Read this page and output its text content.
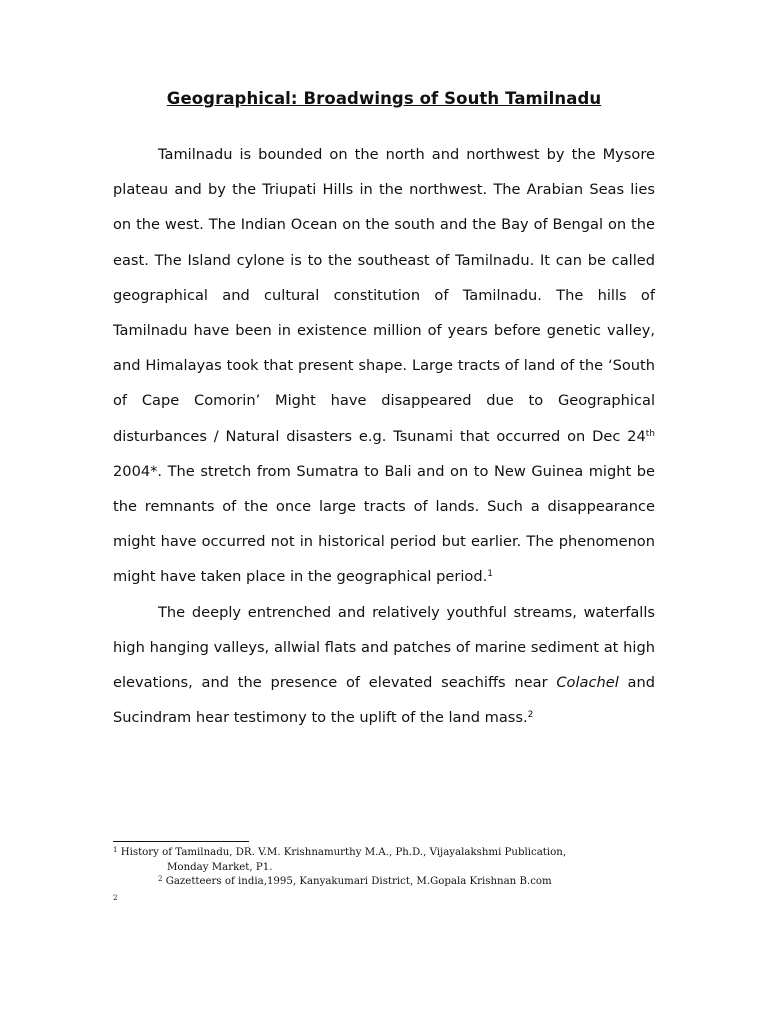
Geographical: Broadwings of South Tamilnadu

Tamilnadu is bounded on the north and northwest by the Mysore plateau and by the Triupati Hills in the northwest. The Arabian Seas lies on the west. The Indian Ocean on the south and the Bay of Bengal on the east. The Island cylone is to the southeast of Tamilnadu. It can be called geographical and cultural constitution of Tamilnadu. The hills of Tamilnadu have been in existence million of years before genetic valley, and Himalayas took that present shape. Large tracts of land of the ‘South of Cape Comorin’ Might have disappeared due to Geographical disturbances / Natural disasters e.g. Tsunami that occurred on Dec 24th 2004*. The stretch from Sumatra to Bali and on to New Guinea might be the remnants of the once large tracts of lands. Such a disappearance might have occurred not in historical period but earlier. The phenomenon might have taken place in the geographical period.$^1$

The deeply entrenched and relatively youthful streams, waterfalls high hanging valleys, allwial flats and patches of marine sediment at high elevations, and the presence of elevated seachiffs near Colachel and Sucindram hear testimony to the uplift of the land mass.$^2$

$^1$ History of Tamilnadu, DR. V.M. Krishnamurthy M.A., Ph.D., Vijayalakshmi Publication,
Monday Market, P1.
$^2$ Gazetteers of india,1995, Kanyakumari District, M.Gopala Krishnan B.com
2
